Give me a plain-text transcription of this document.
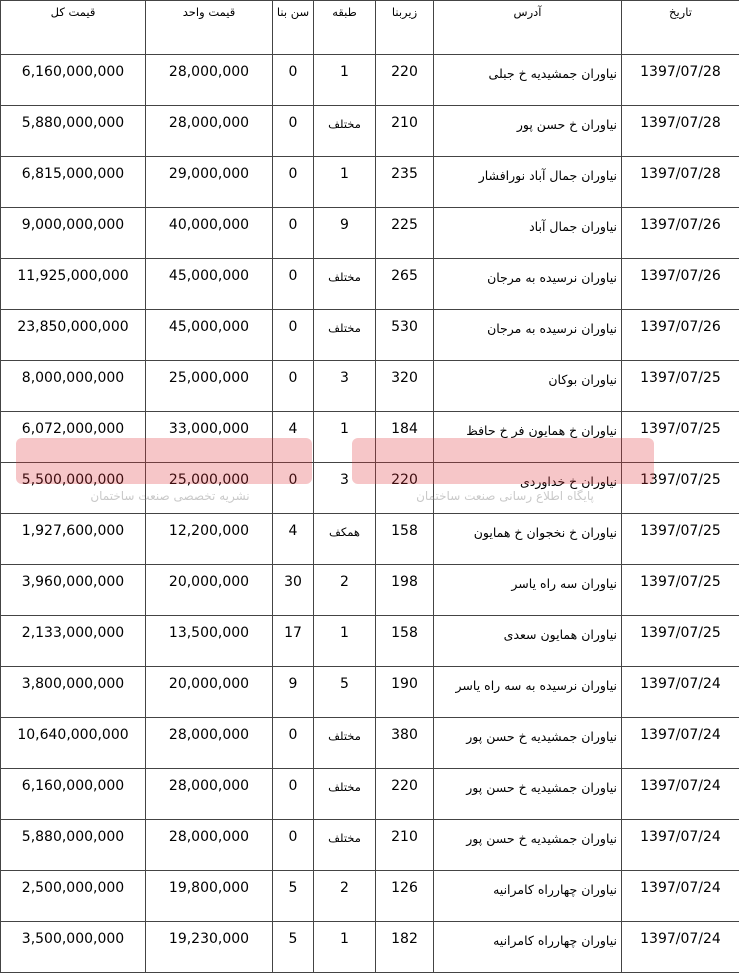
تاریخ	آدرس	زیربنا	طبقه	سن بنا	قیمت واحد	قیمت کل
1397/07/28	نیاوران جمشیدیه خ جبلی	220	1	0	28,000,000	6,160,000,000
1397/07/28	نیاوران خ حسن پور	210	مختلف	0	28,000,000	5,880,000,000
1397/07/28	نیاوران جمال آباد نورافشار	235	1	0	29,000,000	6,815,000,000
1397/07/26	نیاوران جمال آباد	225	9	0	40,000,000	9,000,000,000
1397/07/26	نیاوران نرسیده به مرجان	265	مختلف	0	45,000,000	11,925,000,000
1397/07/26	نیاوران نرسیده به مرجان	530	مختلف	0	45,000,000	23,850,000,000
1397/07/25	نیاوران بوکان	320	3	0	25,000,000	8,000,000,000
1397/07/25	نیاوران خ همایون فر خ حافظ	184	1	4	33,000,000	6,072,000,000
1397/07/25	نیاوران خ خداوردی	220	3	0	25,000,000	5,500,000,000
1397/07/25	نیاوران خ نخجوان خ همایون	158	همکف	4	12,200,000	1,927,600,000
1397/07/25	نیاوران سه راه یاسر	198	2	30	20,000,000	3,960,000,000
1397/07/25	نیاوران همایون سعدی	158	1	17	13,500,000	2,133,000,000
1397/07/24	نیاوران نرسیده به سه راه یاسر	190	5	9	20,000,000	3,800,000,000
1397/07/24	نیاوران جمشیدیه خ حسن پور	380	مختلف	0	28,000,000	10,640,000,000
1397/07/24	نیاوران جمشیدیه خ حسن پور	220	مختلف	0	28,000,000	6,160,000,000
1397/07/24	نیاوران جمشیدیه خ حسن پور	210	مختلف	0	28,000,000	5,880,000,000
1397/07/24	نیاوران چهارراه کامرانیه	126	2	5	19,800,000	2,500,000,000
1397/07/24	نیاوران چهارراه کامرانیه	182	1	5	19,230,000	3,500,000,000
نشریه تخصصی صنعت ساختمان	پایگاه اطلاع رسانی صنعت ساختمان
